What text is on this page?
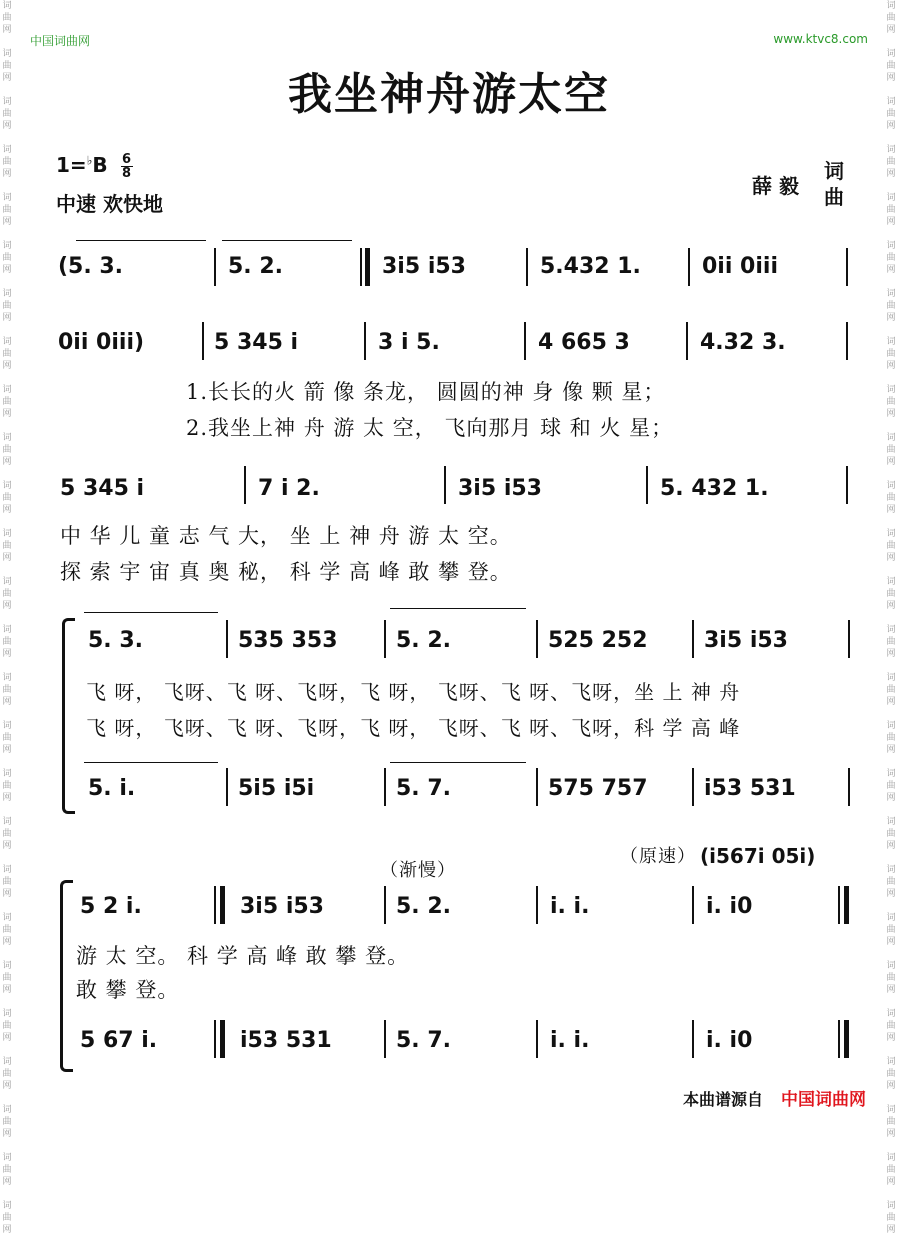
词
曲
网

词
曲
网

词
曲
网

词
曲
网

词
曲
网

词
曲
网

词
曲
网

词
曲
网

词
曲
网

词
曲
网

词
曲
网

词
曲
网

词
曲
网

词
曲
网

词
曲
网

词
曲
网

词
曲
网

词
曲
网

词
曲
网

词
曲
网

词
曲
网

词
曲
网

词
曲
网

词
曲
网

词
曲
网

词
曲
网

词
曲
网

词
曲
网

词
曲
网

词
曲
网

词
曲
网

词
曲
网

词
曲
网

词
曲
网

词
曲
网

词
曲
网

词
曲
网

词
曲
网

词
曲
网

词
曲
网

词
曲
网

词
曲
网

词
曲
网

词
曲
网

词
曲
网

词
曲
网

词
曲
网

词
曲
网

词
曲
网

词
曲
网

词
曲
网

词
曲
网

中国词曲网	www.ktvc8.com
我坐神舟游太空
$1=^♭B \frac{6}{8}$
中速 欢快地
薛 毅
词
曲
(5. 3.	5. 2.	3i5 i53	5.432 1.	0ii 0iii
0ii 0iii)	5 345 i	3 i 5.	4 665 3	4.32 3.
1.长长的火 箭 像 条龙， 圆圆的神 身 像 颗 星；
2.我坐上神 舟 游 太 空， 飞向那月 球 和 火 星；
5 345 i	7 i 2.	3i5 i53	5. 432 1.
中 华 儿 童 志 气 大， 坐 上 神 舟 游 太 空。
探 索 宇 宙 真 奥 秘， 科 学 高 峰 敢 攀 登。
5. 3.	535 353	5. 2.	525 252	3i5 i53
飞 呀， 飞呀、飞 呀、飞呀，飞 呀， 飞呀、飞 呀、飞呀，坐 上 神 舟
飞 呀， 飞呀、飞 呀、飞呀，飞 呀， 飞呀、飞 呀、飞呀，科 学 高 峰
5. i.	5i5 i5i	5. 7.	575 757	i53 531
（渐慢）
（原速） (i567i 05i)
5 2 i.	3i5 i53	5. 2.	i. i.	i. i0
游 太 空。 科 学 高 峰 敢 攀 登。
敢 攀 登。
5 67 i.	i53 531	5. 7.	i. i.	i. i0
本曲谱源自 中国词曲网
